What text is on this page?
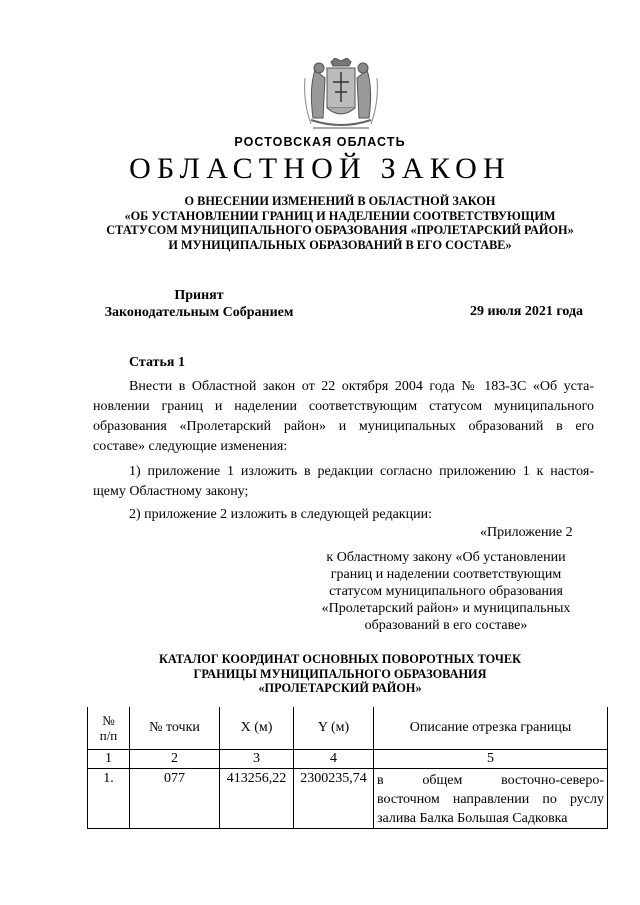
РОСТОВСКАЯ ОБЛАСТЬ
ОБЛАСТНОЙ ЗАКОН
О ВНЕСЕНИИ ИЗМЕНЕНИЙ В ОБЛАСТНОЙ ЗАКОН
«ОБ УСТАНОВЛЕНИИ ГРАНИЦ И НАДЕЛЕНИИ СООТВЕТСТВУЮЩИМ
СТАТУСОМ МУНИЦИПАЛЬНОГО ОБРАЗОВАНИЯ «ПРОЛЕТАРСКИЙ РАЙОН»
И МУНИЦИПАЛЬНЫХ ОБРАЗОВАНИЙ В ЕГО СОСТАВЕ»
Принят
Законодательным Собранием	29 июля 2021 года
Статья 1
Внести в Областной закон от 22 октября 2004 года № 183-ЗС «Об уста-
новлении границ и наделении соответствующим статусом муниципального
образования «Пролетарский район» и муниципальных образований в его
составе» следующие изменения:
1) приложение 1 изложить в редакции согласно приложению 1 к настоя-
щему Областному закону;
2) приложение 2 изложить в следующей редакции:
«Приложение 2
к Областному закону «Об установлении
границ и наделении соответствующим
статусом муниципального образования
«Пролетарский район» и муниципальных
образований в его составе»
КАТАЛОГ КООРДИНАТ ОСНОВНЫХ ПОВОРОТНЫХ ТОЧЕК
ГРАНИЦЫ МУНИЦИПАЛЬНОГО ОБРАЗОВАНИЯ
«ПРОЛЕТАРСКИЙ РАЙОН»
№
п/п	№ точки	X (м)	Y (м)	Описание отрезка границы
1	2	3	4	5
1.	077	413256,22	2300235,74	в общем восточно-северо-
восточном направлении по руслу
залива Балка Большая Садковка
